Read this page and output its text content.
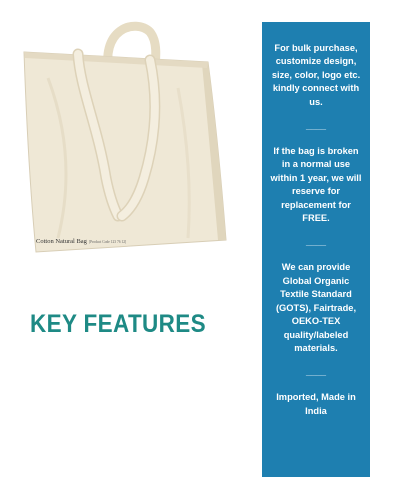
Cotton Natural Bag [Product Code 123 76 12]
KEY FEATURES

For bulk purchase, customize design, size, color, logo etc. kindly connect with us.

____

If the bag is broken in a normal use within 1 year, we will reserve for replacement for FREE.

____

We can provide Global Organic Textile Standard (GOTS), Fairtrade, OEKO-TEX quality/labeled materials.

____

Imported, Made in India
